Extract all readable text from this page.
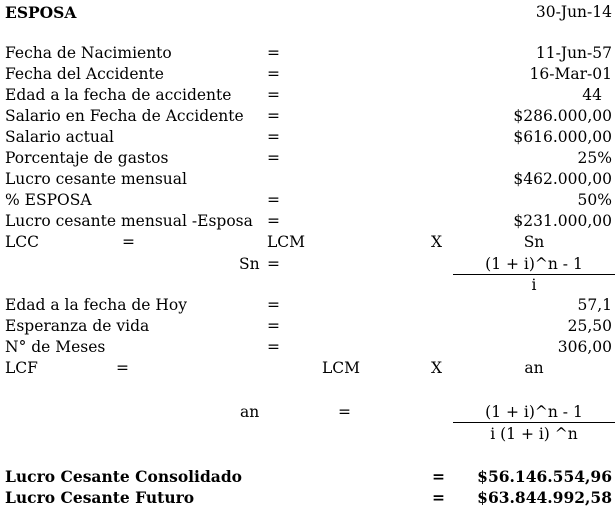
ESPOSA	30-Jun-14
Fecha de Nacimiento	=	11-Jun-57
Fecha del Accidente	=	16-Mar-01
Edad a la fecha de accidente =	44
Salario en Fecha de Accidente =	$286.000,00
Salario actual	=	$616.000,00
Porcentaje de gastos	=	25%
Lucro cesante mensual	$462.000,00
% ESPOSA	=	50%
Lucro cesante mensual -Esposa =	$231.000,00
LCC	=	LCM	X	Sn
Sn =	(1 + i)^n - 1
i
Edad a la fecha de Hoy	=	57,1
Esperanza de vida	=	25,50
N° de Meses	=	306,00
LCF	=	LCM	X	an
an	=	(1 + i)^n - 1
i (1 + i) ^n
Lucro Cesante Consolidado	= $56.146.554,96
Lucro Cesante Futuro	= $63.844.992,58
